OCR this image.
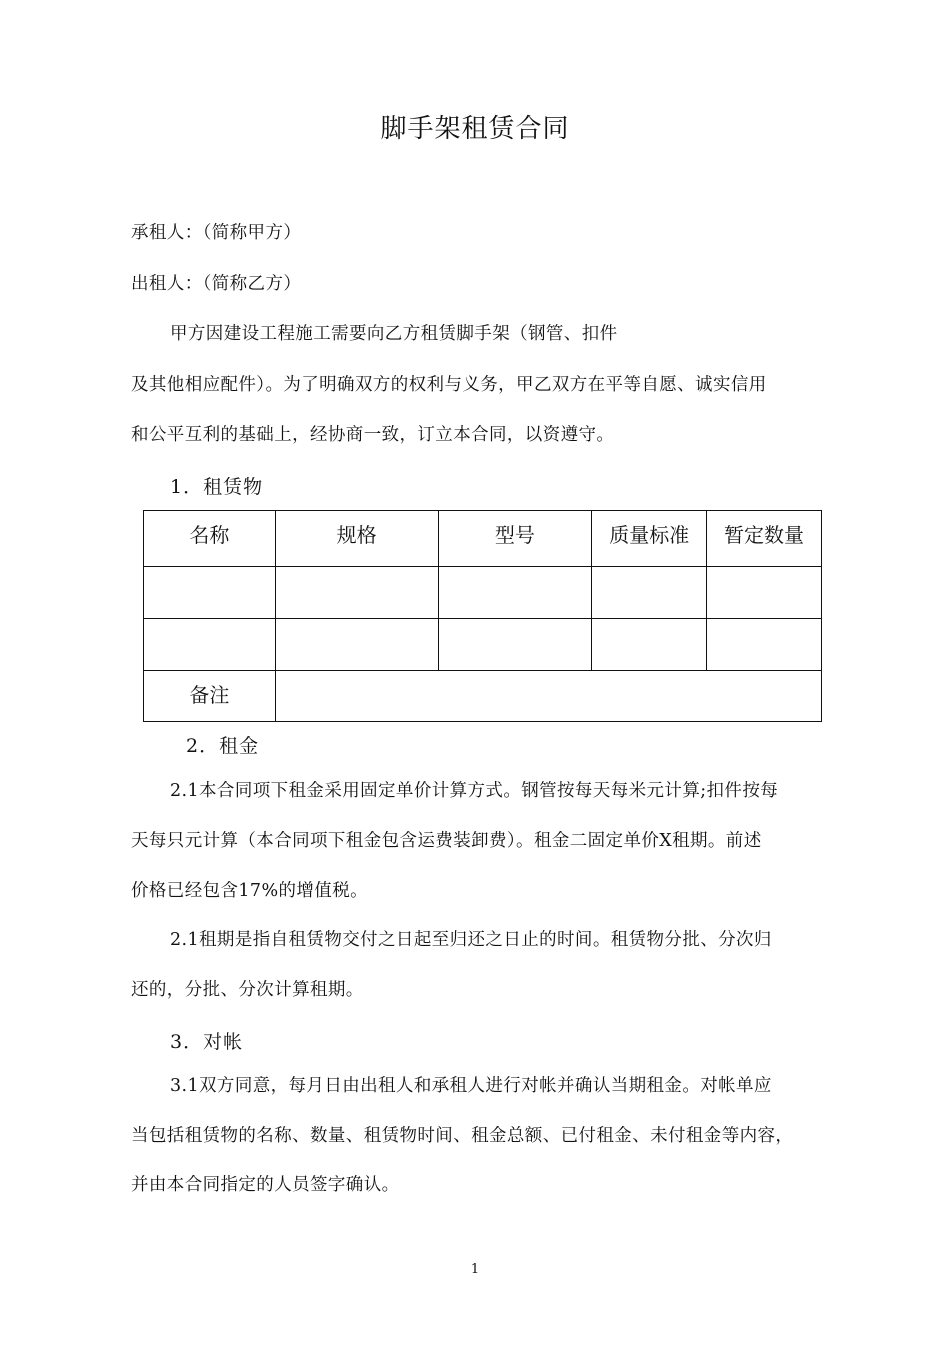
脚手架租赁合同
承租人：（简称甲方）
出租人：（简称乙方）
甲方因建设工程施工需要向乙方租赁脚手架（钢管、扣件
及其他相应配件）。为了明确双方的权利与义务，甲乙双方在平等自愿、诚实信用
和公平互利的基础上，经协商一致，订立本合同，以资遵守。
1．租赁物
名称	规格	型号	质量标准	暂定数量

备注				
2．租金
2.1本合同项下租金采用固定单价计算方式。钢管按每天每米元计算;扣件按每
天每只元计算（本合同项下租金包含运费装卸费）。租金二固定单价X租期。前述
价格已经包含17%的增值税。
2.1租期是指自租赁物交付之日起至归还之日止的时间。租赁物分批、分次归
还的，分批、分次计算租期。
3．对帐
3.1双方同意，每月日由出租人和承租人进行对帐并确认当期租金。对帐单应
当包括租赁物的名称、数量、租赁物时间、租金总额、已付租金、未付租金等内容，
并由本合同指定的人员签字确认。
1
